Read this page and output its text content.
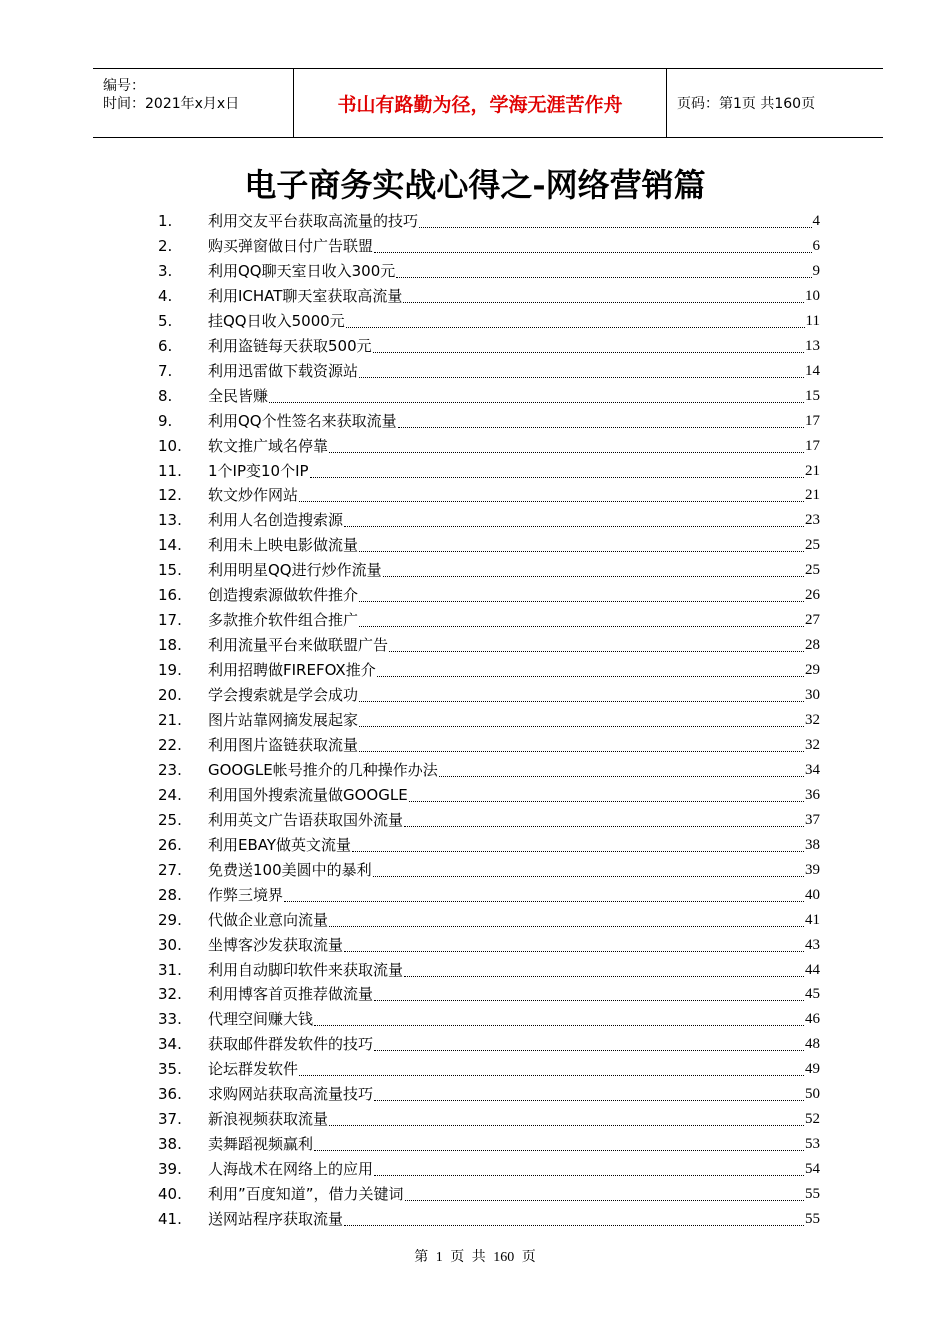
编号：
时间：2021年x月x日	书山有路勤为径，学海无涯苦作舟	页码：第1页 共160页
电子商务实战心得之-网络营销篇
1. 利用交友平台获取高流量的技巧	4
2. 购买弹窗做日付广告联盟	6
3. 利用QQ聊天室日收入300元	9
4. 利用ICHAT聊天室获取高流量	10
5. 挂QQ日收入5000元	11
6. 利用盗链每天获取500元	13
7. 利用迅雷做下载资源站	14
8. 全民皆赚	15
9. 利用QQ个性签名来获取流量	17
10. 软文推广域名停靠	17
11. 1个IP变10个IP	21
12. 软文炒作网站	21
13. 利用人名创造搜索源	23
14. 利用未上映电影做流量	25
15. 利用明星QQ进行炒作流量	25
16. 创造搜索源做软件推介	26
17. 多款推介软件组合推广	27
18. 利用流量平台来做联盟广告	28
19. 利用招聘做FIREFOX推介	29
20. 学会搜索就是学会成功	30
21. 图片站靠网摘发展起家	32
22. 利用图片盗链获取流量	32
23. GOOGLE帐号推介的几种操作办法	34
24. 利用国外搜索流量做GOOGLE	36
25. 利用英文广告语获取国外流量	37
26. 利用EBAY做英文流量	38
27. 免费送100美圆中的暴利	39
28. 作弊三境界	40
29. 代做企业意向流量	41
30. 坐博客沙发获取流量	43
31. 利用自动脚印软件来获取流量	44
32. 利用博客首页推荐做流量	45
33. 代理空间赚大钱	46
34. 获取邮件群发软件的技巧	48
35. 论坛群发软件	49
36. 求购网站获取高流量技巧	50
37. 新浪视频获取流量	52
38. 卖舞蹈视频赢利	53
39. 人海战术在网络上的应用	54
40. 利用”百度知道”，借力关键词	55
41. 送网站程序获取流量	55
第 1 页 共 160 页
